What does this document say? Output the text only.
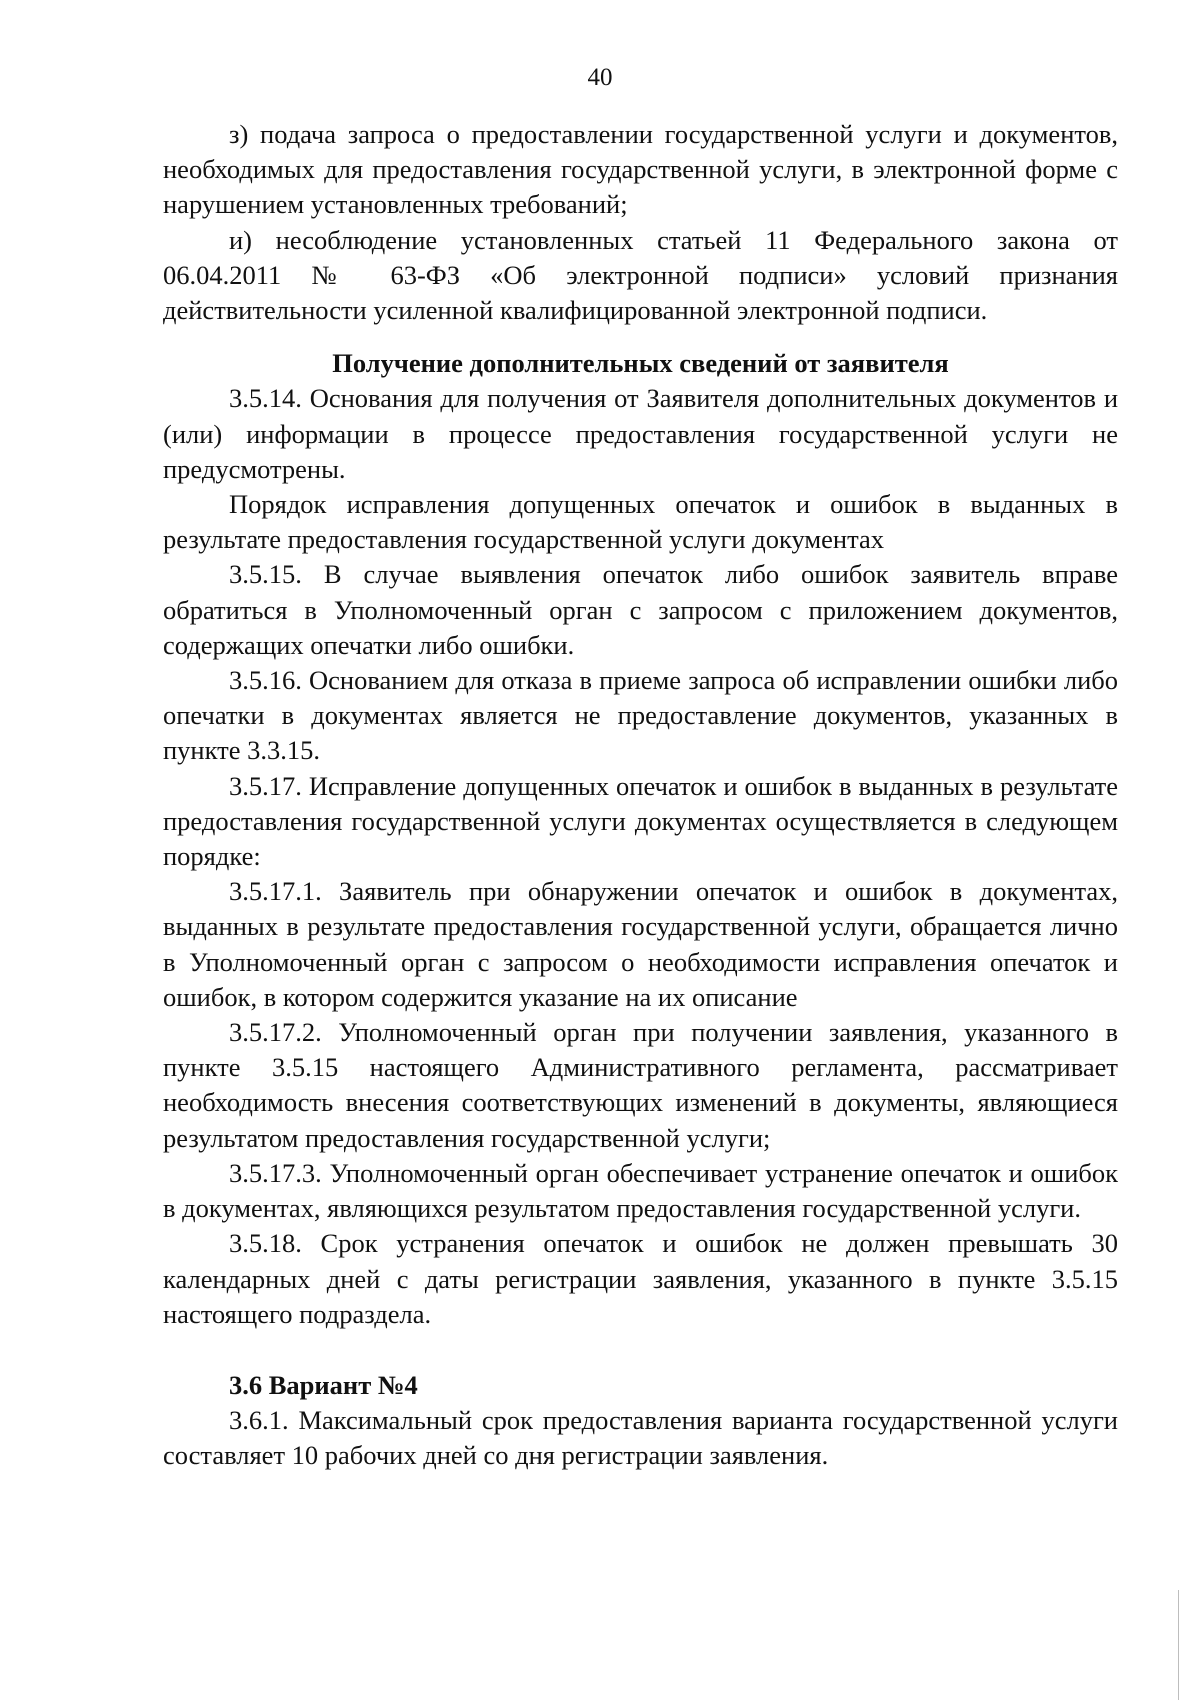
40

з) подача запроса о предоставлении государственной услуги и документов, необходимых для предоставления государственной услуги, в электронной форме с нарушением установленных требований;

и) несоблюдение установленных статьей 11 Федерального закона от 06.04.2011 № 63-ФЗ «Об электронной подписи» условий признания действительности усиленной квалифицированной электронной подписи.

Получение дополнительных сведений от заявителя

3.5.14. Основания для получения от Заявителя дополнительных документов и (или) информации в процессе предоставления государственной услуги не предусмотрены.

Порядок исправления допущенных опечаток и ошибок в выданных в результате предоставления государственной услуги документах

3.5.15. В случае выявления опечаток либо ошибок заявитель вправе обратиться в Уполномоченный орган с запросом с приложением документов, содержащих опечатки либо ошибки.

3.5.16. Основанием для отказа в приеме запроса об исправлении ошибки либо опечатки в документах является не предоставление документов, указанных в пункте 3.3.15.

3.5.17. Исправление допущенных опечаток и ошибок в выданных в результате предоставления государственной услуги документах осуществляется в следующем порядке:

3.5.17.1. Заявитель при обнаружении опечаток и ошибок в документах, выданных в результате предоставления государственной услуги, обращается лично в Уполномоченный орган с запросом о необходимости исправления опечаток и ошибок, в котором содержится указание на их описание

3.5.17.2. Уполномоченный орган при получении заявления, указанного в пункте 3.5.15 настоящего Административного регламента, рассматривает необходимость внесения соответствующих изменений в документы, являющиеся результатом предоставления государственной услуги;

3.5.17.3. Уполномоченный орган обеспечивает устранение опечаток и ошибок в документах, являющихся результатом предоставления государственной услуги.

3.5.18. Срок устранения опечаток и ошибок не должен превышать 30 календарных дней с даты регистрации заявления, указанного в пункте 3.5.15 настоящего подраздела.

3.6 Вариант №4

3.6.1. Максимальный срок предоставления варианта государственной услуги составляет 10 рабочих дней со дня регистрации заявления.
